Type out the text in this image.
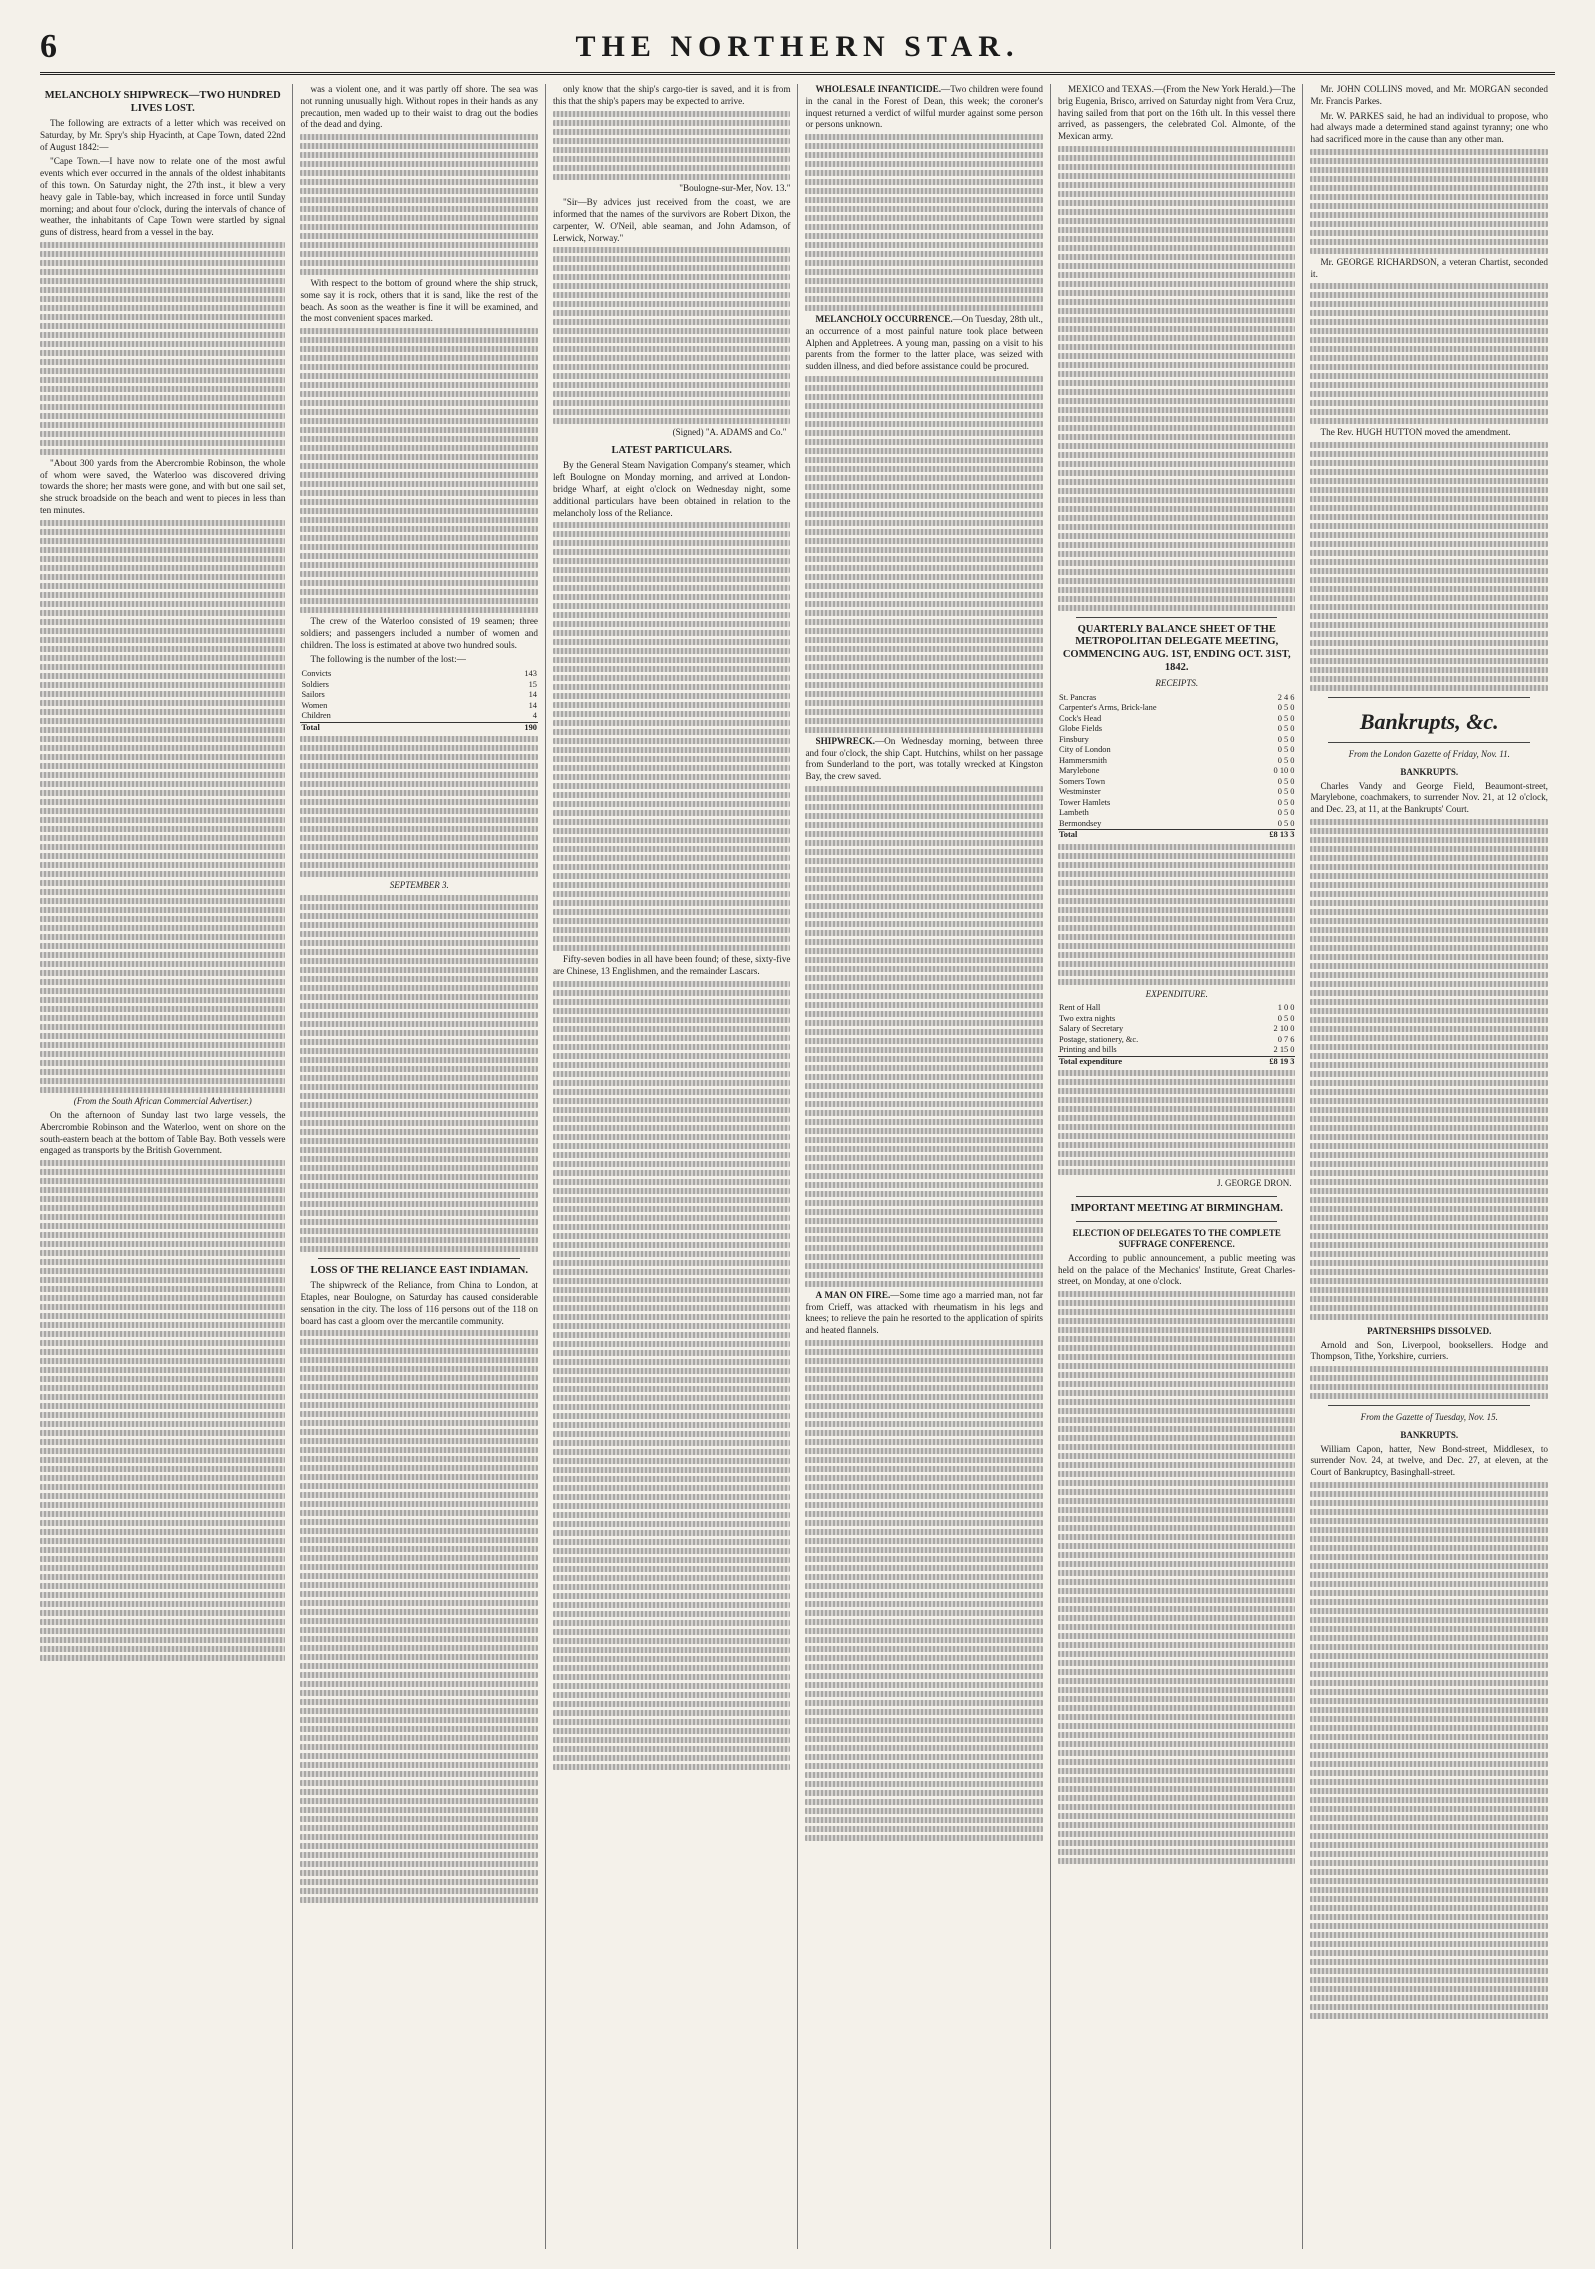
6	THE NORTHERN STAR.
MELANCHOLY SHIPWRECK—TWO HUNDRED LIVES LOST.

The following are extracts of a letter which was received on Saturday, by Mr. Spry's ship Hyacinth, at Cape Town, dated 22nd of August 1842:—

"Cape Town.—I have now to relate one of the most awful events which ever occurred in the annals of the oldest inhabitants of this town. On Saturday night, the 27th inst., it blew a very heavy gale in Table-bay, which increased in force until Sunday morning; and about four o'clock, during the intervals of chance of weather, the inhabitants of Cape Town were startled by signal guns of distress, heard from a vessel in the bay.

"About 300 yards from the Abercrombie Robinson, the whole of whom were saved, the Waterloo was discovered driving towards the shore; her masts were gone, and with but one sail set, she struck broadside on the beach and went to pieces in less than ten minutes.

(From the South African Commercial Advertiser.)

On the afternoon of Sunday last two large vessels, the Abercrombie Robinson and the Waterloo, went on shore on the south-eastern beach at the bottom of Table Bay. Both vessels were engaged as transports by the British Government.

was a violent one, and it was partly off shore. The sea was not running unusually high. Without ropes in their hands as any precaution, men waded up to their waist to drag out the bodies of the dead and dying.

With respect to the bottom of ground where the ship struck, some say it is rock, others that it is sand, like the rest of the beach. As soon as the weather is fine it will be examined, and the most convenient spaces marked.

The crew of the Waterloo consisted of 19 seamen; three soldiers; and passengers included a number of women and children. The loss is estimated at above two hundred souls.

The following is the number of the lost:—

Convicts	143
Soldiers	15
Sailors	14
Women	14
Children	4
Total	190
SEPTEMBER 3.
LOSS OF THE RELIANCE EAST INDIAMAN.

The shipwreck of the Reliance, from China to London, at Etaples, near Boulogne, on Saturday has caused considerable sensation in the city. The loss of 116 persons out of the 118 on board has cast a gloom over the mercantile community.

only know that the ship's cargo-tier is saved, and it is from this that the ship's papers may be expected to arrive.

"Boulogne-sur-Mer, Nov. 13."

"Sir—By advices just received from the coast, we are informed that the names of the survivors are Robert Dixon, the carpenter, W. O'Neil, able seaman, and John Adamson, of Lerwick, Norway."

(Signed) "A. ADAMS and Co."

LATEST PARTICULARS.

By the General Steam Navigation Company's steamer, which left Boulogne on Monday morning, and arrived at London-bridge Wharf, at eight o'clock on Wednesday night, some additional particulars have been obtained in relation to the melancholy loss of the Reliance.

Fifty-seven bodies in all have been found; of these, sixty-five are Chinese, 13 Englishmen, and the remainder Lascars.

WHOLESALE INFANTICIDE.—Two children were found in the canal in the Forest of Dean, this week; the coroner's inquest returned a verdict of wilful murder against some person or persons unknown.

MELANCHOLY OCCURRENCE.—On Tuesday, 28th ult., an occurrence of a most painful nature took place between Alphen and Appletrees. A young man, passing on a visit to his parents from the former to the latter place, was seized with sudden illness, and died before assistance could be procured.

SHIPWRECK.—On Wednesday morning, between three and four o'clock, the ship Capt. Hutchins, whilst on her passage from Sunderland to the port, was totally wrecked at Kingston Bay, the crew saved.

A MAN ON FIRE.—Some time ago a married man, not far from Crieff, was attacked with rheumatism in his legs and knees; to relieve the pain he resorted to the application of spirits and heated flannels.

MEXICO and TEXAS.—(From the New York Herald.)—The brig Eugenia, Brisco, arrived on Saturday night from Vera Cruz, having sailed from that port on the 16th ult. In this vessel there arrived, as passengers, the celebrated Col. Almonte, of the Mexican army.

QUARTERLY BALANCE SHEET OF THE METROPOLITAN DELEGATE MEETING, COMMENCING AUG. 1ST, ENDING OCT. 31ST, 1842.
RECEIPTS.
St. Pancras	2 4 6
Carpenter's Arms, Brick-lane	0 5 0
Cock's Head	0 5 0
Globe Fields	0 5 0
Finsbury	0 5 0
City of London	0 5 0
Hammersmith	0 5 0
Marylebone	0 10 0
Somers Town	0 5 0
Westminster	0 5 0
Tower Hamlets	0 5 0
Lambeth	0 5 0
Bermondsey	0 5 0
Total	£8 13 3
EXPENDITURE.
Rent of Hall	1 0 0
Two extra nights	0 5 0
Salary of Secretary	2 10 0
Postage, stationery, &c.	0 7 6
Printing and bills	2 15 0
Total expenditure	£8 19 3
J. GEORGE DRON.
IMPORTANT MEETING AT BIRMINGHAM.
ELECTION OF DELEGATES TO THE COMPLETE SUFFRAGE CONFERENCE.

According to public announcement, a public meeting was held on the palace of the Mechanics' Institute, Great Charles-street, on Monday, at one o'clock.

Mr. JOHN COLLINS moved, and Mr. MORGAN seconded Mr. Francis Parkes.

Mr. W. PARKES said, he had an individual to propose, who had always made a determined stand against tyranny; one who had sacrificed more in the cause than any other man.

Mr. GEORGE RICHARDSON, a veteran Chartist, seconded it.

The Rev. HUGH HUTTON moved the amendment.

Bankrupts, &c.
From the London Gazette of Friday, Nov. 11.
BANKRUPTS.

Charles Vandy and George Field, Beaumont-street, Marylebone, coachmakers, to surrender Nov. 21, at 12 o'clock, and Dec. 23, at 11, at the Bankrupts' Court.

PARTNERSHIPS DISSOLVED.

Arnold and Son, Liverpool, booksellers. Hodge and Thompson, Tithe, Yorkshire, curriers.

From the Gazette of Tuesday, Nov. 15.
BANKRUPTS.

William Capon, hatter, New Bond-street, Middlesex, to surrender Nov. 24, at twelve, and Dec. 27, at eleven, at the Court of Bankruptcy, Basinghall-street.
